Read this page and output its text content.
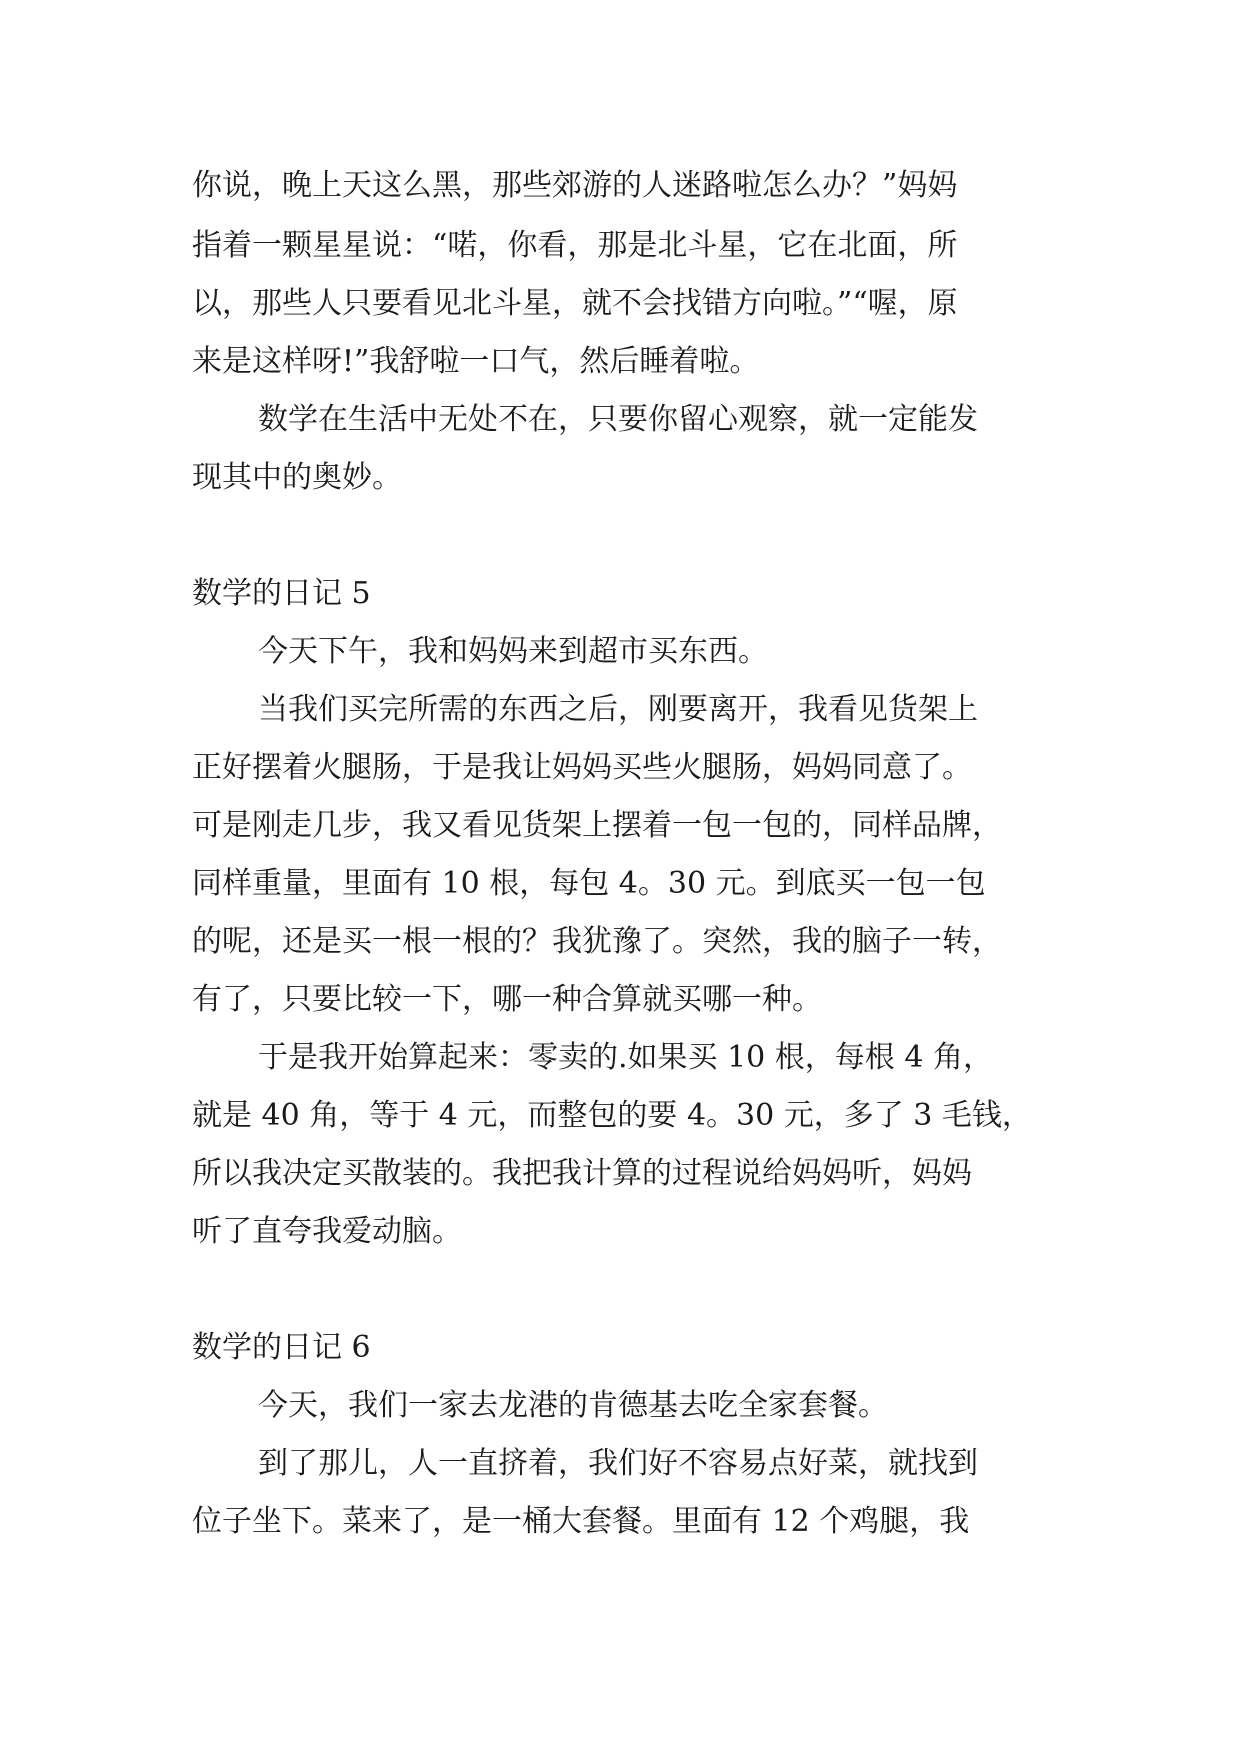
你说，晚上天这么黑，那些郊游的人迷路啦怎么办？”妈妈
指着一颗星星说：“喏，你看，那是北斗星，它在北面，所
以，那些人只要看见北斗星，就不会找错方向啦。”“喔，原
来是这样呀!”我舒啦一口气，然后睡着啦。
数学在生活中无处不在，只要你留心观察，就一定能发
现其中的奥妙。
数学的日记 5
今天下午，我和妈妈来到超市买东西。
当我们买完所需的东西之后，刚要离开，我看见货架上
正好摆着火腿肠，于是我让妈妈买些火腿肠，妈妈同意了。
可是刚走几步，我又看见货架上摆着一包一包的，同样品牌，
同样重量，里面有 10 根，每包 4。30 元。到底买一包一包
的呢，还是买一根一根的？我犹豫了。突然，我的脑子一转，
有了，只要比较一下，哪一种合算就买哪一种。
于是我开始算起来：零卖的.如果买 10 根，每根 4 角，
就是 40 角，等于 4 元，而整包的要 4。30 元，多了 3 毛钱，
所以我决定买散装的。我把我计算的过程说给妈妈听，妈妈
听了直夸我爱动脑。
数学的日记 6
今天，我们一家去龙港的肯德基去吃全家套餐。
到了那儿，人一直挤着，我们好不容易点好菜，就找到
位子坐下。菜来了，是一桶大套餐。里面有 12 个鸡腿，我
